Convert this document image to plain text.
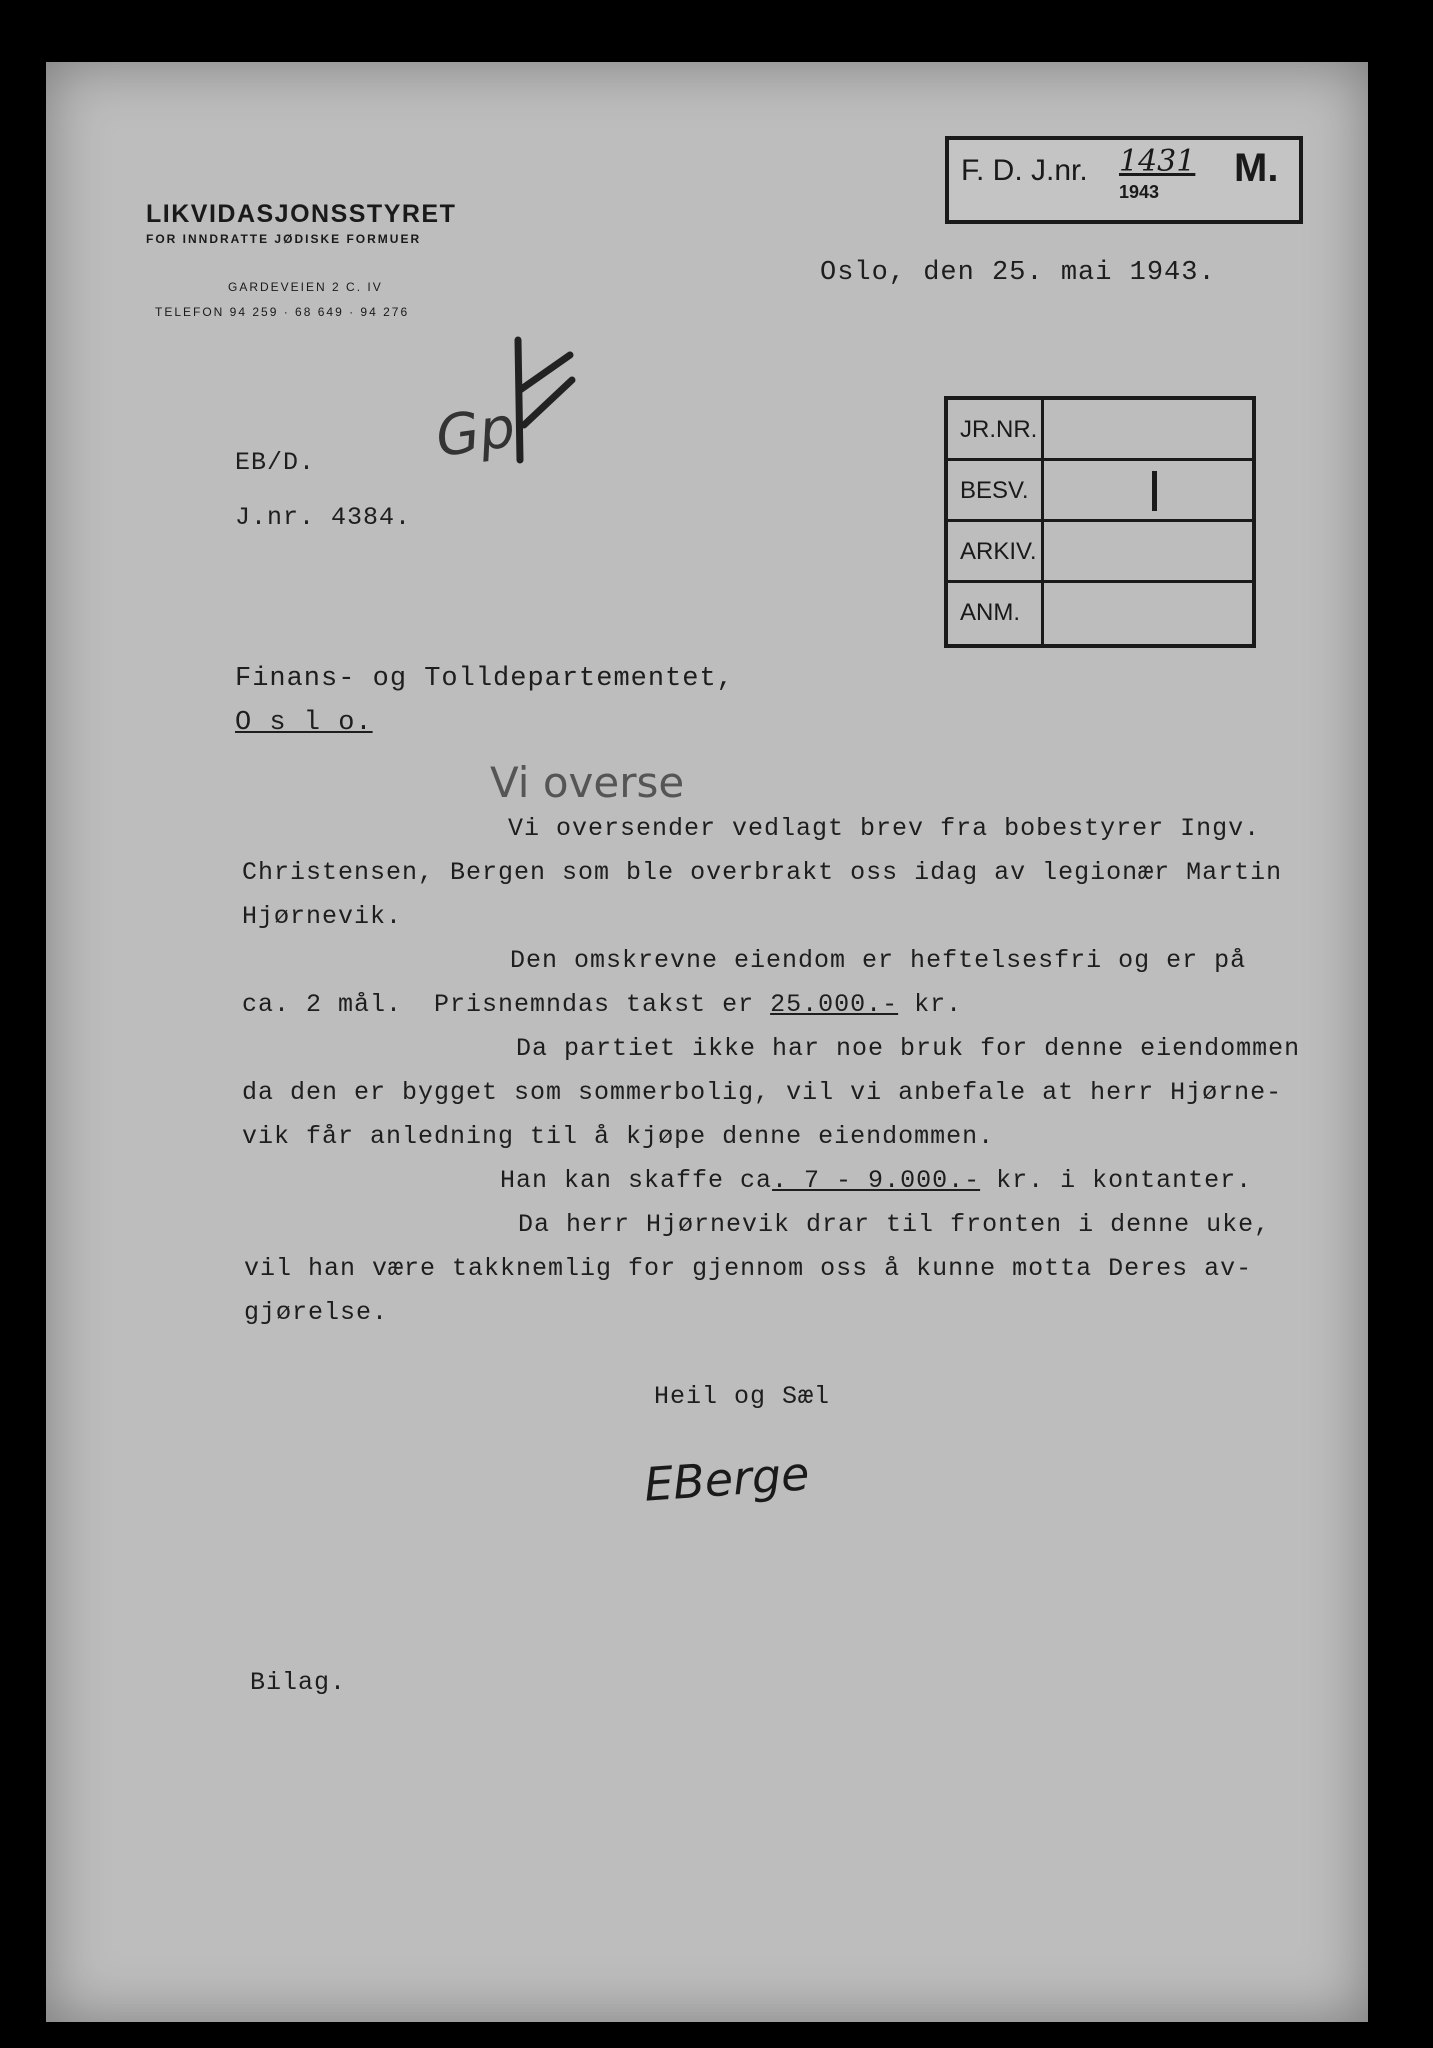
LIKVIDASJONSSTYRET
FOR INNDRATTE JØDISKE FORMUER
GARDEVEIEN 2 C. IV
TELEFON 94 259 · 68 649 · 94 276
F. D. J.nr. 1431
1943
M.
Oslo, den 25. mai 1943.
Gp
EB/D.
J.nr. 4384.
JR.NR.
BESV.
ARKIV.
ANM.
Finans- og Tolldepartementet,
O s l o.
Vi overse
Vi oversender vedlagt brev fra bobestyrer Ingv.
Christensen, Bergen som ble overbrakt oss idag av legionær Martin
Hjørnevik.
Den omskrevne eiendom er heftelsesfri og er på
ca. 2 mål.  Prisnemndas takst er 25.000.- kr.
Da partiet ikke har noe bruk for denne eiendommen
da den er bygget som sommerbolig, vil vi anbefale at herr Hjørne-
vik får anledning til å kjøpe denne eiendommen.
Han kan skaffe ca. 7 - 9.000.- kr. i kontanter.
Da herr Hjørnevik drar til fronten i denne uke,
vil han være takknemlig for gjennom oss å kunne motta Deres av-
gjørelse.
Heil og Sæl
EBerge
Bilag.
